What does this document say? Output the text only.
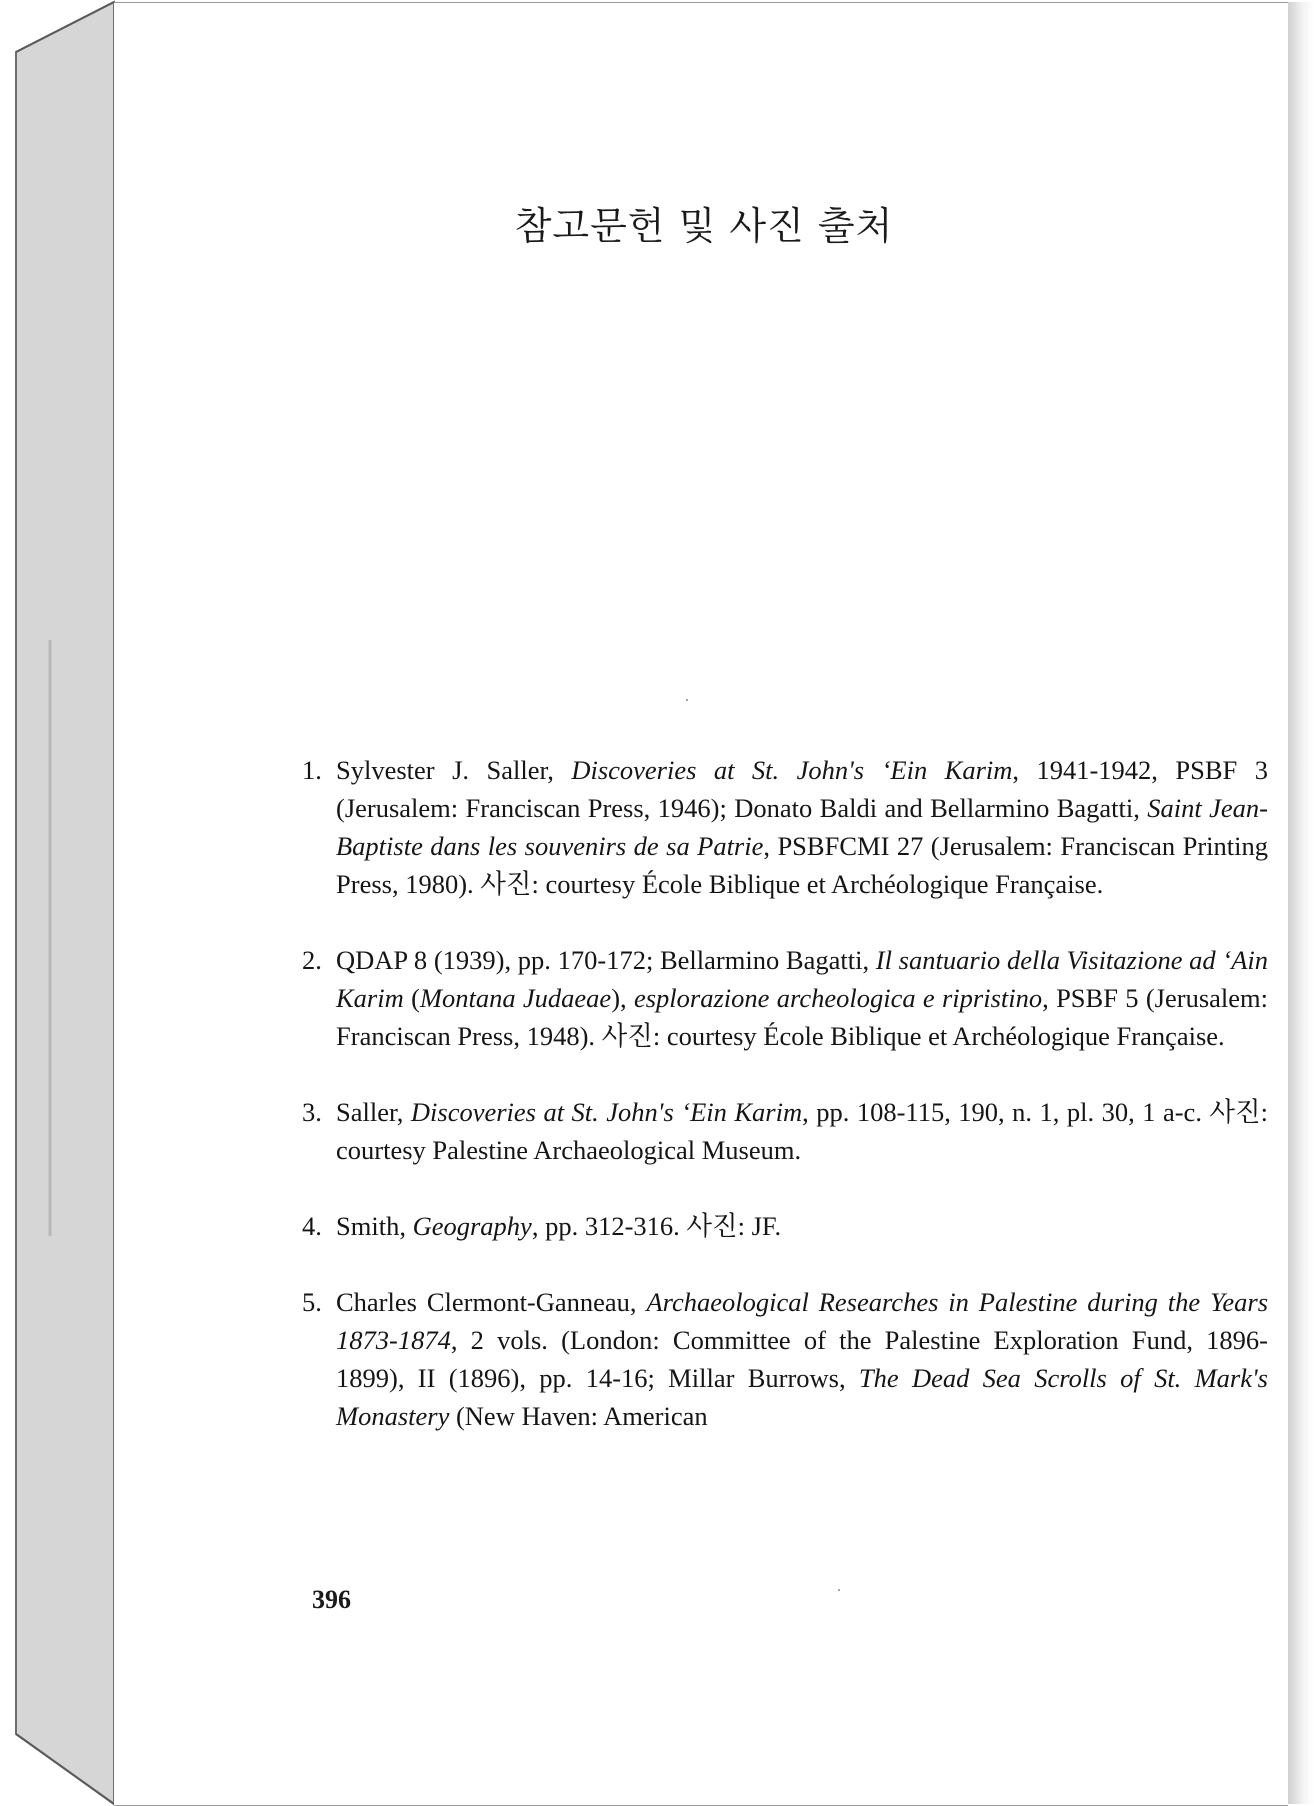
참고문헌 및 사진 출처
1. Sylvester J. Saller, Discoveries at St. John's ‘Ein Karim, 1941-1942, PSBF 3 (Jerusalem: Franciscan Press, 1946); Donato Baldi and Bellarmino Bagatti, Saint Jean-Baptiste dans les souvenirs de sa Patrie, PSBFCMI 27 (Jerusalem: Franciscan Printing Press, 1980). 사진: courtesy École Biblique et Archéologique Française.
2. QDAP 8 (1939), pp. 170-172; Bellarmino Bagatti, Il santuario della Visitazione ad ‘Ain Karim (Montana Judaeae), esplorazione archeologica e ripristino, PSBF 5 (Jerusalem: Franciscan Press, 1948). 사진: courtesy École Biblique et Archéologique Française.
3. Saller, Discoveries at St. John's ‘Ein Karim, pp. 108-115, 190, n. 1, pl. 30, 1 a-c. 사진: courtesy Palestine Archaeological Museum.
4. Smith, Geography, pp. 312-316. 사진: JF.
5. Charles Clermont-Ganneau, Archaeological Researches in Palestine during the Years 1873-1874, 2 vols. (London: Committee of the Palestine Exploration Fund, 1896-1899), II (1896), pp. 14-16; Millar Burrows, The Dead Sea Scrolls of St. Mark's Monastery (New Haven: American
396
